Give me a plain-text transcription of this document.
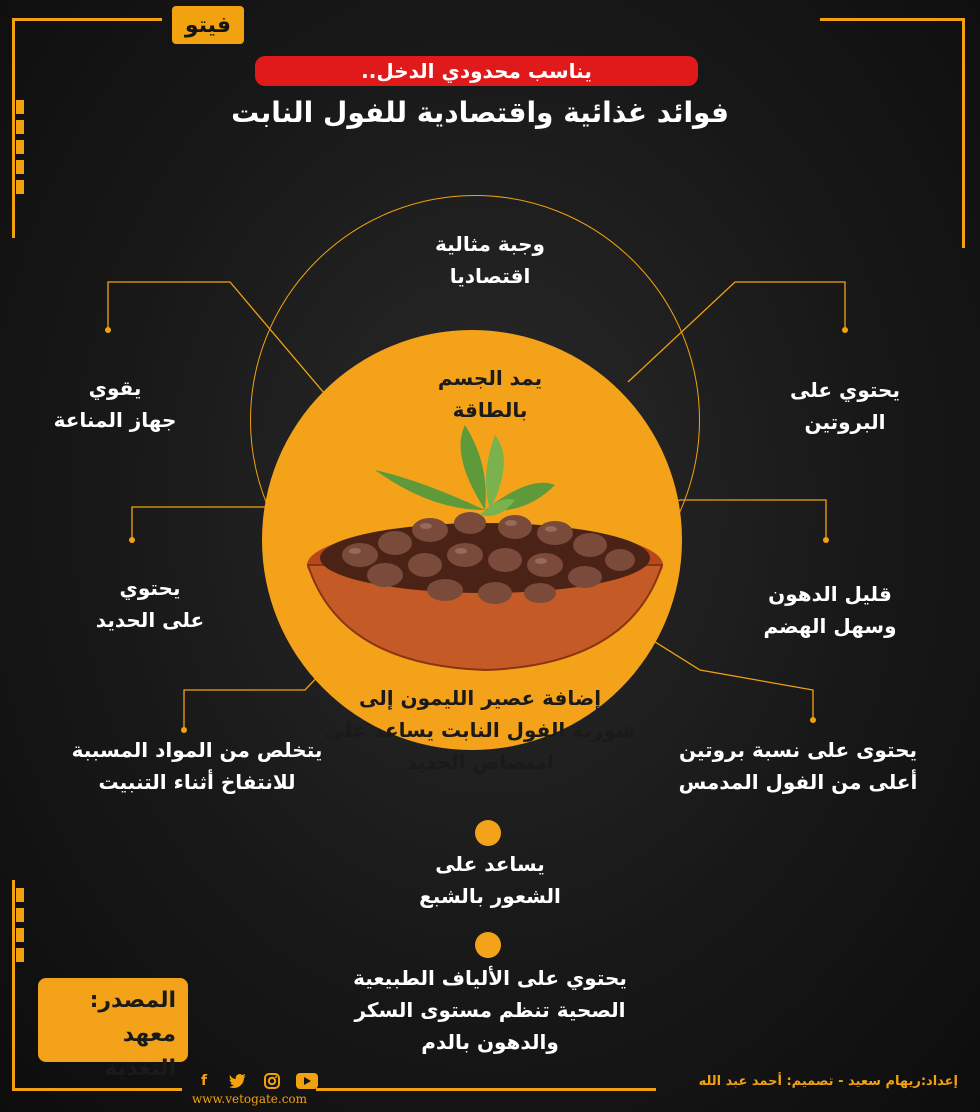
فيتو
يناسب محدودي الدخل..
فوائد غذائية واقتصادية للفول النابت
وجبة مثالية
اقتصاديا
يمد الجسم
بالطاقة
يقوي
جهاز المناعة
يحتوي على
البروتين
يحتوي
على الحديد
قليل الدهون
وسهل الهضم
إضافة عصير الليمون إلى
شوربة الفول النابت يساعد علي
امتصاص الحديد
يتخلص من المواد المسببة
للانتفاخ أثناء التنبيت
يحتوى على نسبة بروتين
أعلى من الفول المدمس
يساعد على
الشعور بالشبع
يحتوي على الألياف الطبيعية
الصحية تنظم مستوى السكر
والدهون بالدم
المصدر:
معهد التغذية	f
www.vetogate.com
إعداد:ريهام سعيد - تصميم: أحمد عبد الله
